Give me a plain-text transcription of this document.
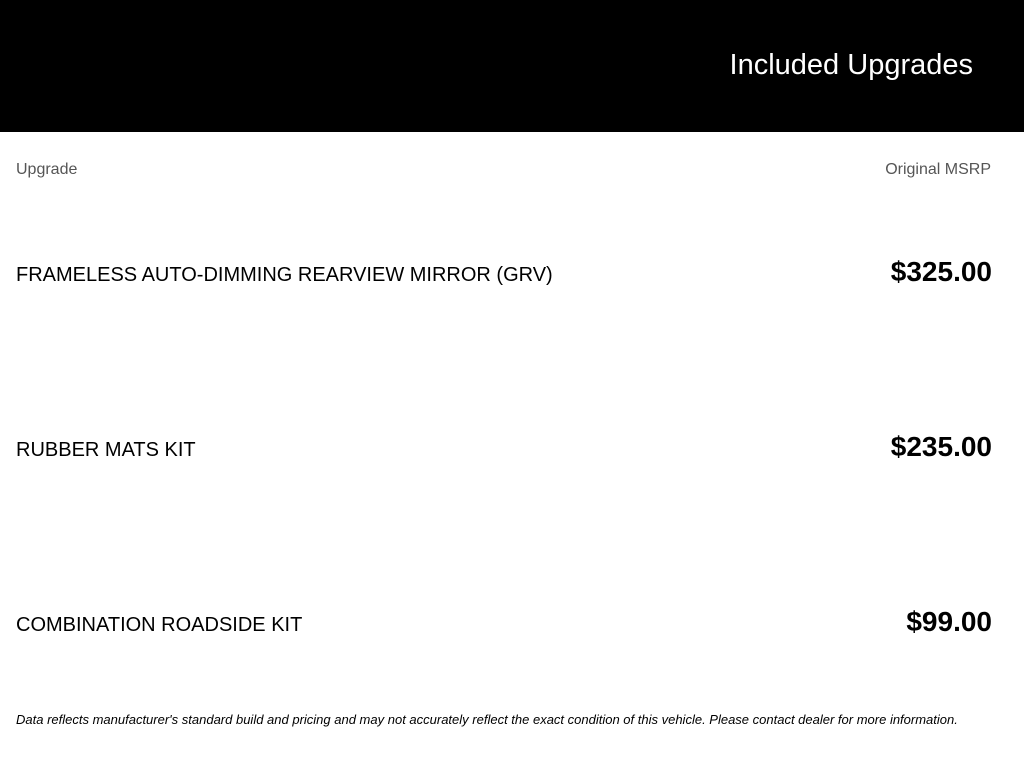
Included Upgrades
Upgrade	Original MSRP
FRAMELESS AUTO-DIMMING REARVIEW MIRROR (GRV)	$325.00
RUBBER MATS KIT	$235.00
COMBINATION ROADSIDE KIT	$99.00
Data reflects manufacturer's standard build and pricing and may not accurately reflect the exact condition of this vehicle. Please contact dealer for more information.
